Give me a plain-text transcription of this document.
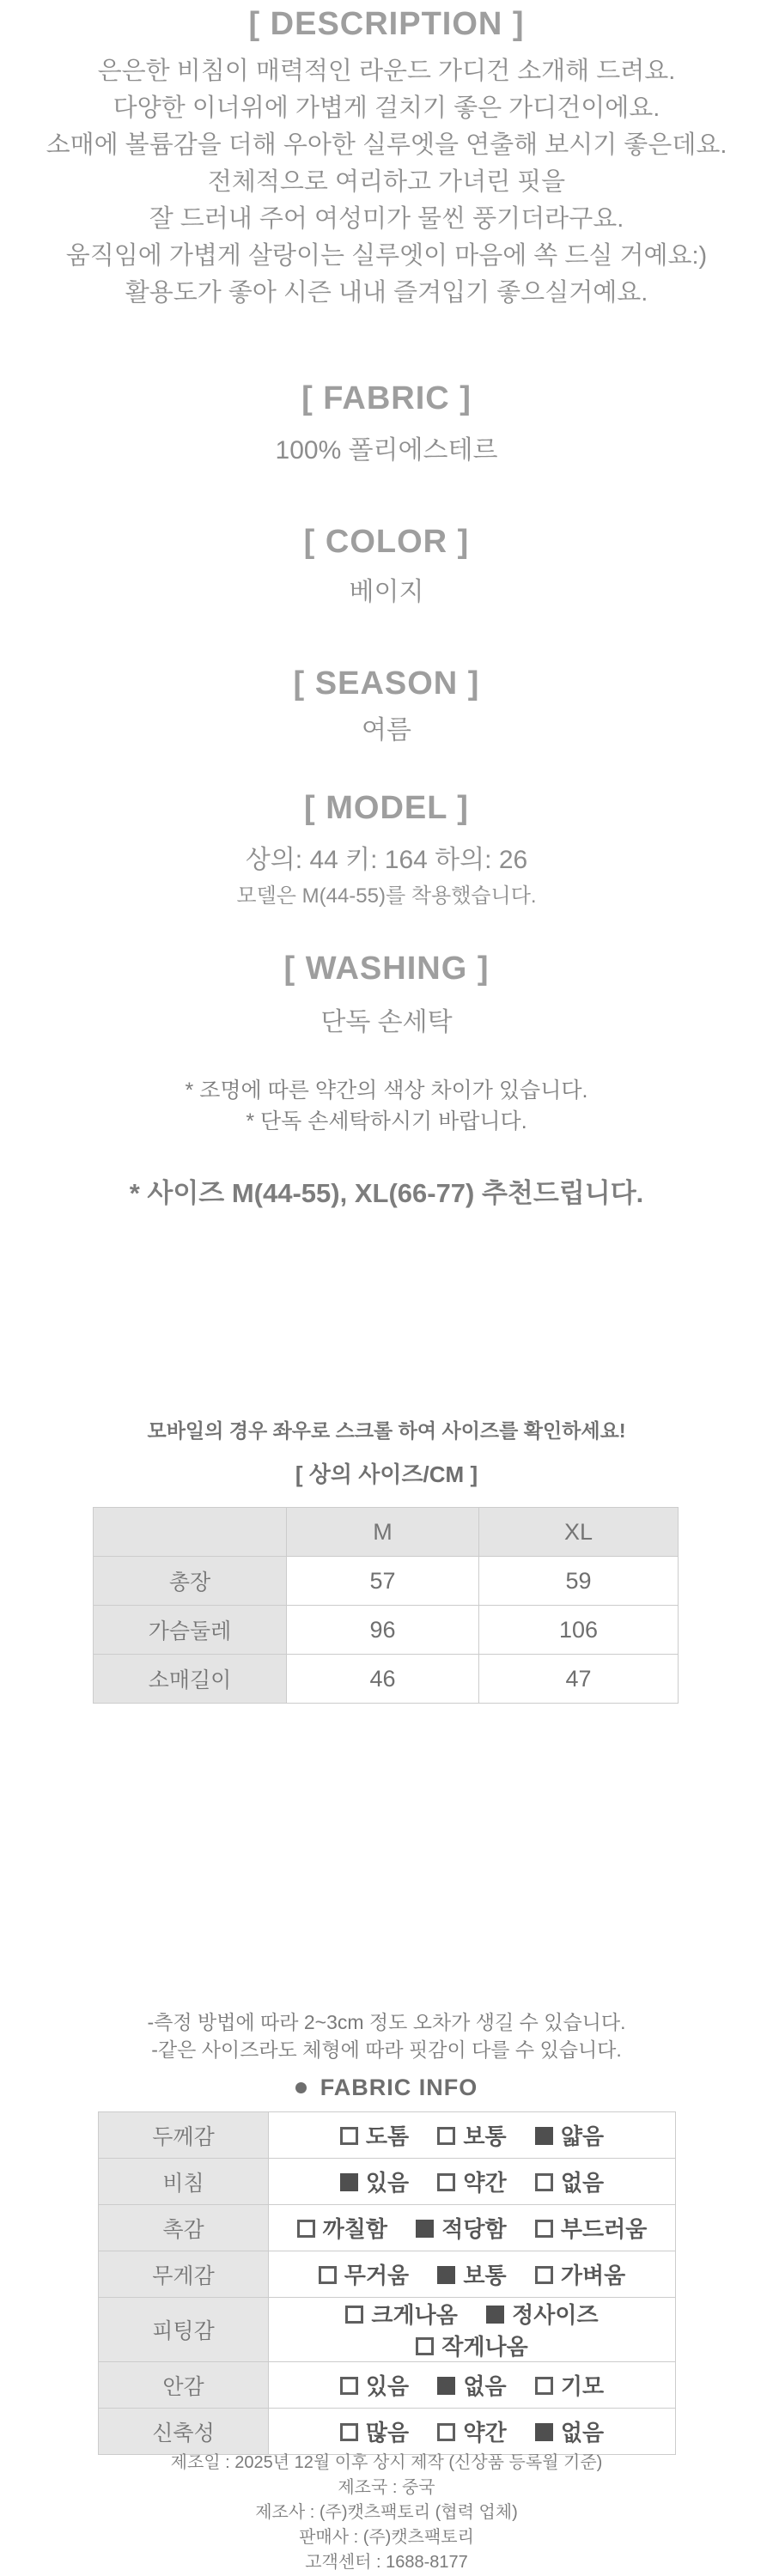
[ DESCRIPTION ]
은은한 비침이 매력적인 라운드 가디건 소개해 드려요.
다양한 이너위에 가볍게 걸치기 좋은 가디건이에요.
소매에 볼륨감을 더해 우아한 실루엣을 연출해 보시기 좋은데요.
전체적으로 여리하고 가녀린 핏을
잘 드러내 주어 여성미가 물씬 풍기더라구요.
움직임에 가볍게 살랑이는 실루엣이 마음에 쏙 드실 거예요:)
활용도가 좋아 시즌 내내 즐겨입기 좋으실거예요.
[ FABRIC ]
100% 폴리에스테르
[ COLOR ]
베이지
[ SEASON ]
여름
[ MODEL ]
상의: 44 키: 164 하의: 26
모델은 M(44-55)를 착용했습니다.
[ WASHING ]
단독 손세탁
* 조명에 따른 약간의 색상 차이가 있습니다.
* 단독 손세탁하시기 바랍니다.
* 사이즈 M(44-55), XL(66-77) 추천드립니다.
모바일의 경우 좌우로 스크롤 하여 사이즈를 확인하세요!
[ 상의 사이즈/CM ]
	M	XL
총장	57	59
가슴둘레	96	106
소매길이	46	47
-측정 방법에 따라 2~3cm 정도 오차가 생길 수 있습니다.
-같은 사이즈라도 체형에 따라 핏감이 다를 수 있습니다.
FABRIC INFO
두께감	도톰 보통 얇음
비침	있음 약간 없음
촉감	까칠함 적당함 부드러움
무게감	무거움 보통 가벼움
피팅감	크게나옴 정사이즈 작게나옴
안감	있음 없음 기모
신축성	많음 약간 없음
제조일 : 2025년 12월 이후 상시 제작 (신상품 등록월 기준)
제조국 : 중국
제조사 : (주)캣츠팩토리 (협력 업체)
판매사 : (주)캣츠팩토리
고객센터 : 1688-8177
